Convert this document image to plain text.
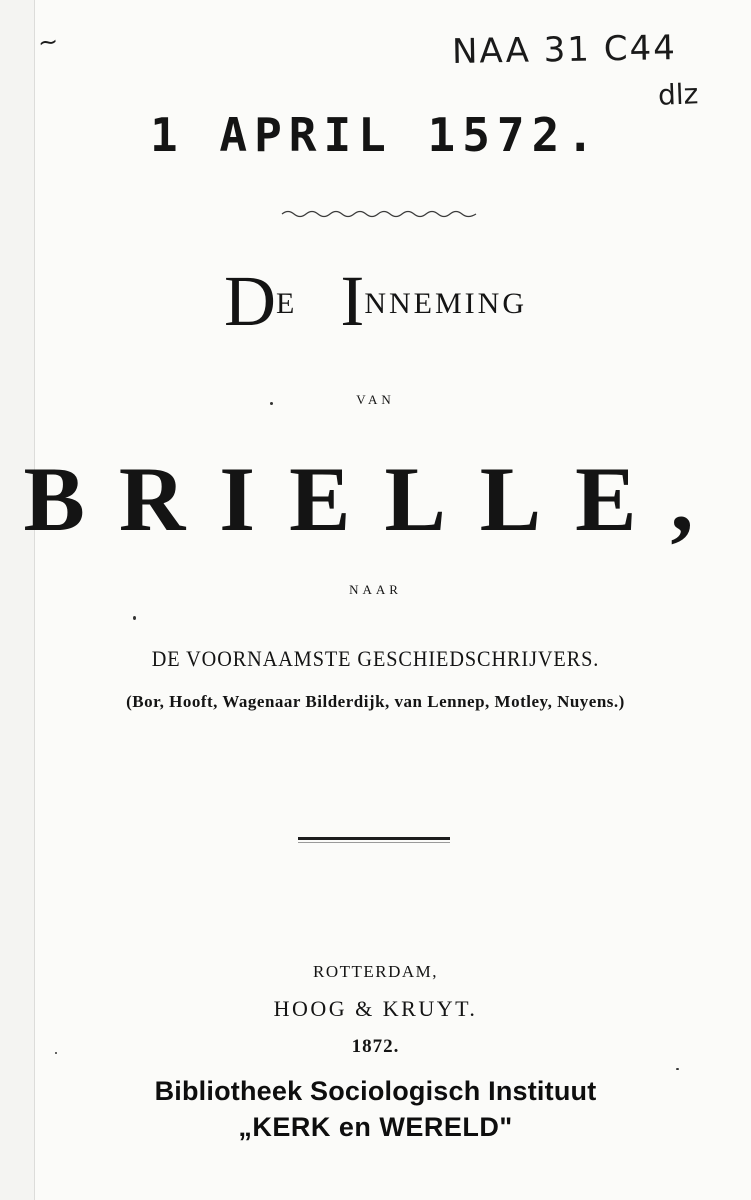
~	NAA 31 C44
dlz
1 APRIL 1572.
DE INNEMING
VAN
BRIELLE,
NAAR
DE VOORNAAMSTE GESCHIEDSCHRIJVERS.
(Bor, Hooft, Wagenaar Bilderdijk, van Lennep, Motley, Nuyens.)
ROTTERDAM,
HOOG & KRUYT.
1872.
Bibliotheek Sociologisch Instituut
„KERK en WERELD"
